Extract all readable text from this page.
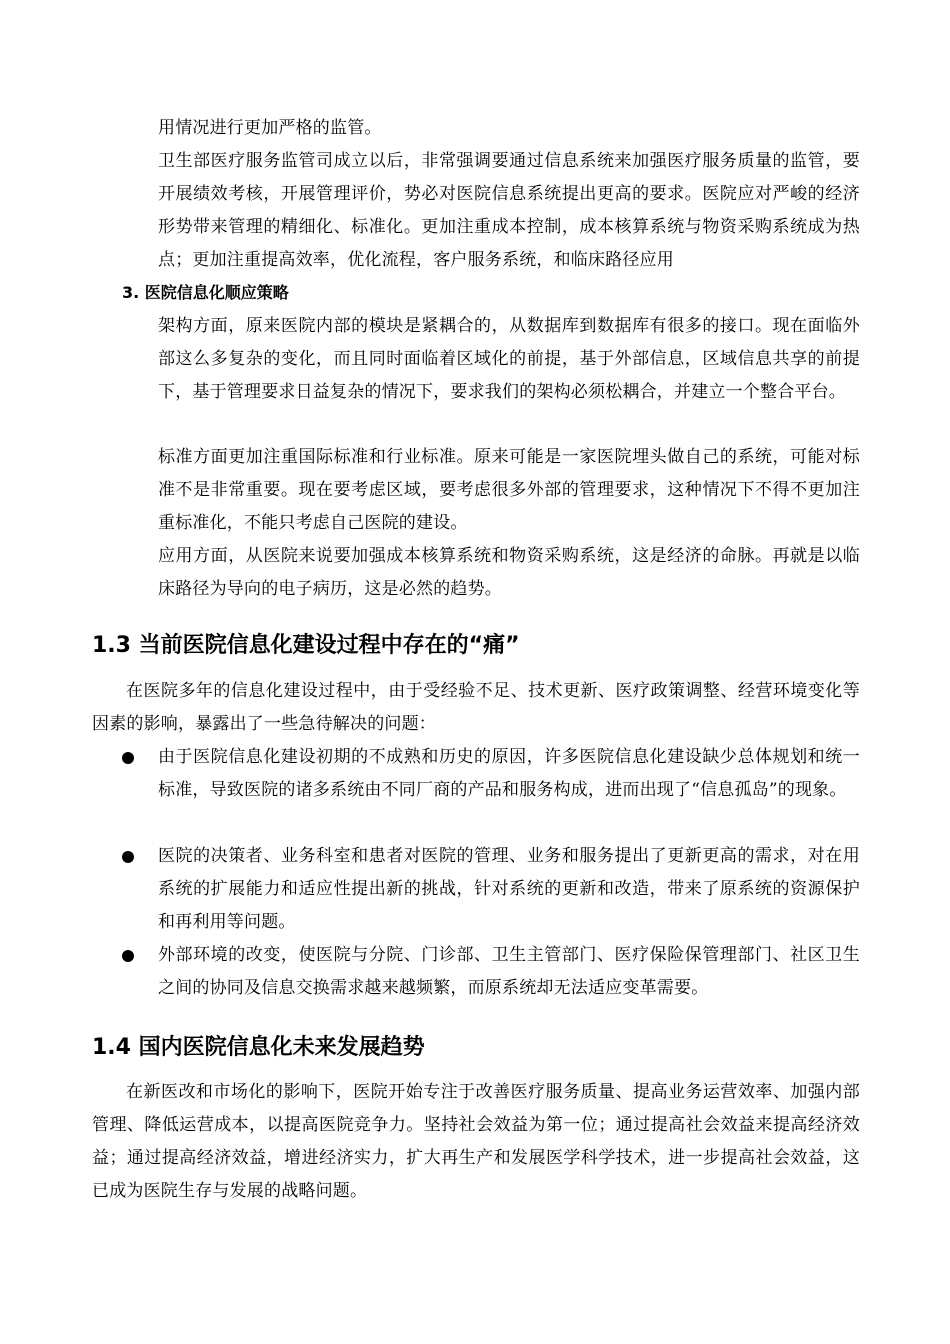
用情况进行更加严格的监管。

卫生部医疗服务监管司成立以后，非常强调要通过信息系统来加强医疗服务质量的监管，要开展绩效考核，开展管理评价，势必对医院信息系统提出更高的要求。医院应对严峻的经济形势带来管理的精细化、标准化。更加注重成本控制，成本核算系统与物资采购系统成为热点；更加注重提高效率，优化流程，客户服务系统，和临床路径应用

3. 医院信息化顺应策略

架构方面，原来医院内部的模块是紧耦合的，从数据库到数据库有很多的接口。现在面临外部这么多复杂的变化，而且同时面临着区域化的前提，基于外部信息，区域信息共享的前提下，基于管理要求日益复杂的情况下，要求我们的架构必须松耦合，并建立一个整合平台。

标准方面更加注重国际标准和行业标准。原来可能是一家医院埋头做自己的系统，可能对标准不是非常重要。现在要考虑区域，要考虑很多外部的管理要求，这种情况下不得不更加注重标准化，不能只考虑自己医院的建设。

应用方面，从医院来说要加强成本核算系统和物资采购系统，这是经济的命脉。再就是以临床路径为导向的电子病历，这是必然的趋势。

1.3 当前医院信息化建设过程中存在的“痛”

在医院多年的信息化建设过程中，由于受经验不足、技术更新、医疗政策调整、经营环境变化等因素的影响，暴露出了一些急待解决的问题：

由于医院信息化建设初期的不成熟和历史的原因，许多医院信息化建设缺少总体规划和统一标准，导致医院的诸多系统由不同厂商的产品和服务构成，进而出现了“信息孤岛”的现象。

医院的决策者、业务科室和患者对医院的管理、业务和服务提出了更新更高的需求，对在用系统的扩展能力和适应性提出新的挑战，针对系统的更新和改造，带来了原系统的资源保护和再利用等问题。

外部环境的改变，使医院与分院、门诊部、卫生主管部门、医疗保险保管理部门、社区卫生之间的协同及信息交换需求越来越频繁，而原系统却无法适应变革需要。

1.4 国内医院信息化未来发展趋势

在新医改和市场化的影响下，医院开始专注于改善医疗服务质量、提高业务运营效率、加强内部管理、降低运营成本，以提高医院竞争力。坚持社会效益为第一位；通过提高社会效益来提高经济效益；通过提高经济效益，增进经济实力，扩大再生产和发展医学科学技术，进一步提高社会效益，这已成为医院生存与发展的战略问题。
